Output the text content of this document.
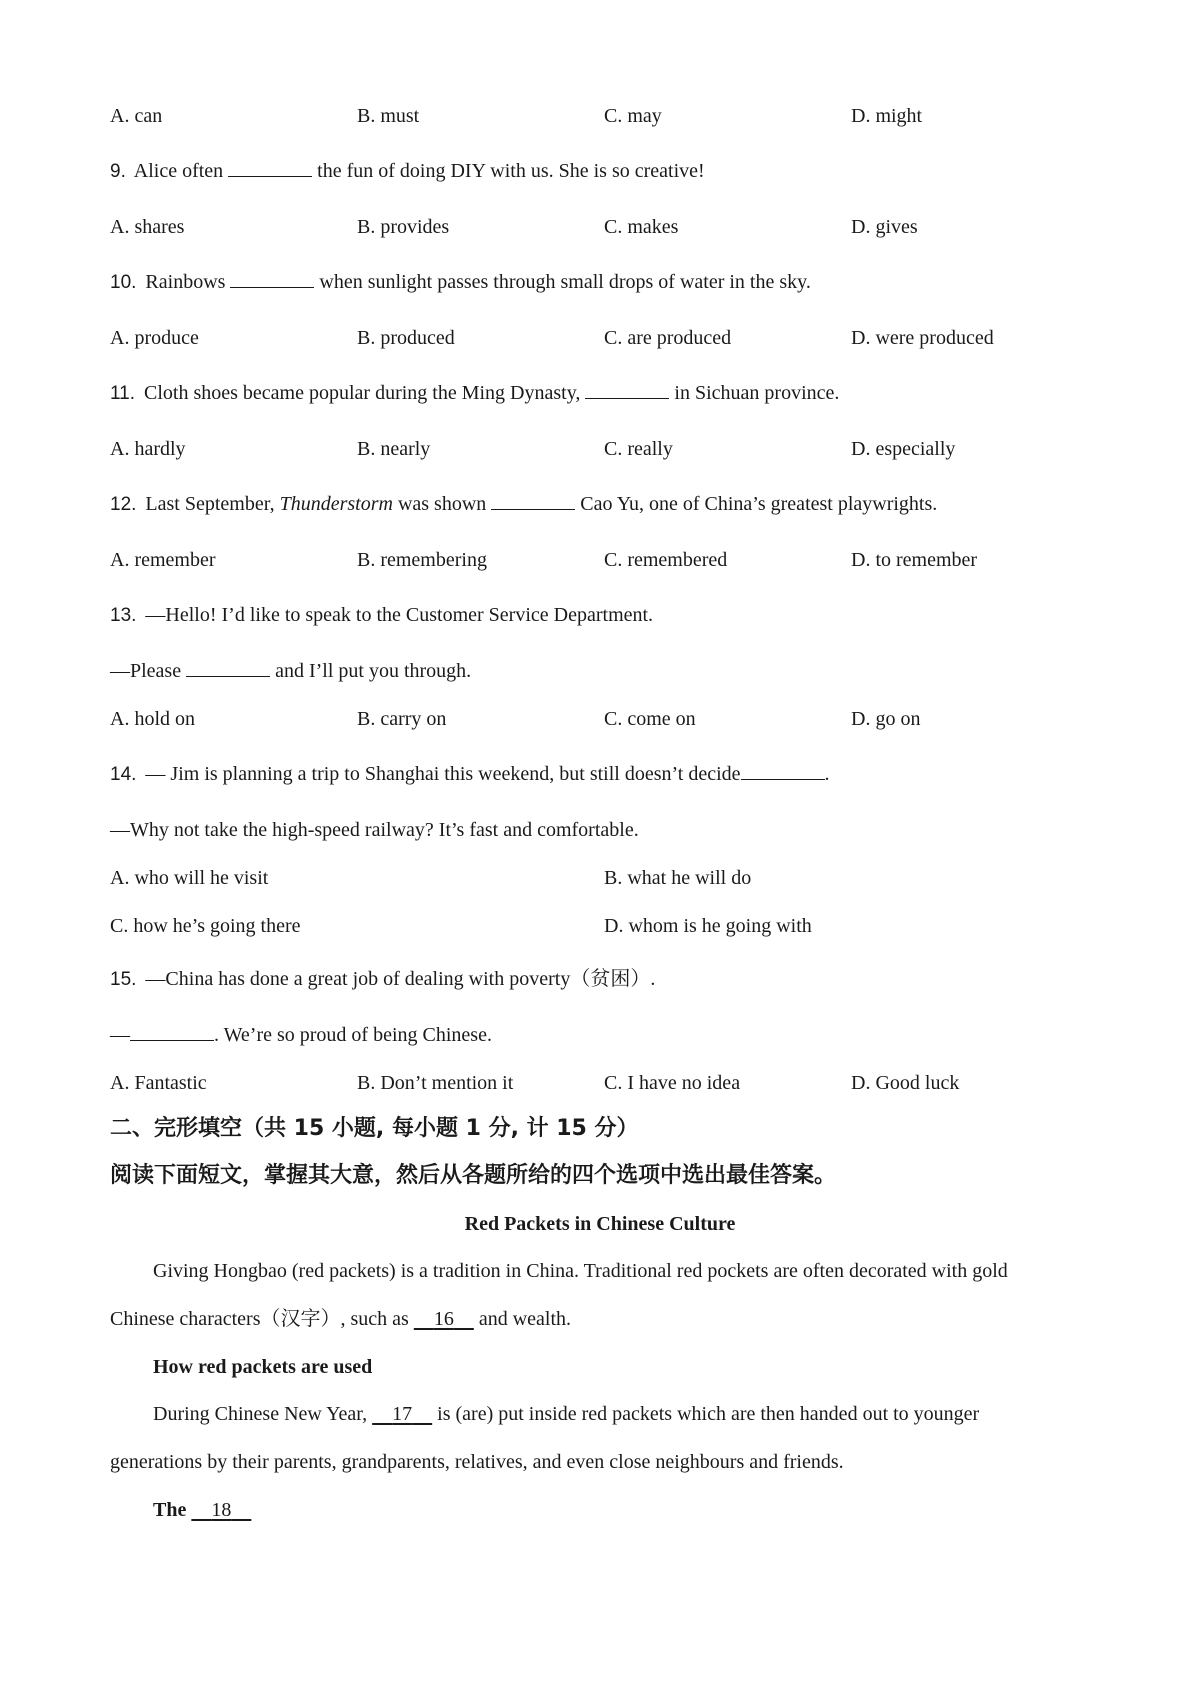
A. can	B. must	C. may	D. might
9. Alice often	the fun of doing DIY with us. She is so creative!
A. shares	B. provides	C. makes	D. gives
10. Rainbows	when sunlight passes through small drops of water in the sky.
A. produce	B. produced	C. are produced	D. were produced
11. Cloth shoes became popular during the Ming Dynasty,	in Sichuan province.
A. hardly	B. nearly	C. really	D. especially
12. Last September, Thunderstorm was shown	Cao Yu, one of China’s greatest playwrights.
A. remember	B. remembering	C. remembered	D. to remember
13. —Hello! I’d like to speak to the Customer Service Department.
—Please	and I’ll put you through.
A. hold on	B. carry on	C. come on	D. go on
14. — Jim is planning a trip to Shanghai this weekend, but still doesn’t decide	.
—Why not take the high-speed railway? It’s fast and comfortable.
A. who will he visit	B. what he will do
C. how he’s going there	D. whom is he going with
15. —China has done a great job of dealing with poverty（贫困）.
—	. We’re so proud of being Chinese.
A. Fantastic	B. Don’t mention it	C. I have no idea	D. Good luck
二、完形填空（共 15 小题, 每小题 1 分, 计 15 分）
阅读下面短文，掌握其大意，然后从各题所给的四个选项中选出最佳答案。
Red Packets in Chinese Culture
Giving Hongbao (red packets) is a tradition in China. Traditional red pockets are often decorated with gold
Chinese characters（汉字）, such as 16 and wealth.
How red packets are used
During Chinese New Year, 17 is (are) put inside red packets which are then handed out to younger
generations by their parents, grandparents, relatives, and even close neighbours and friends.
The 18
